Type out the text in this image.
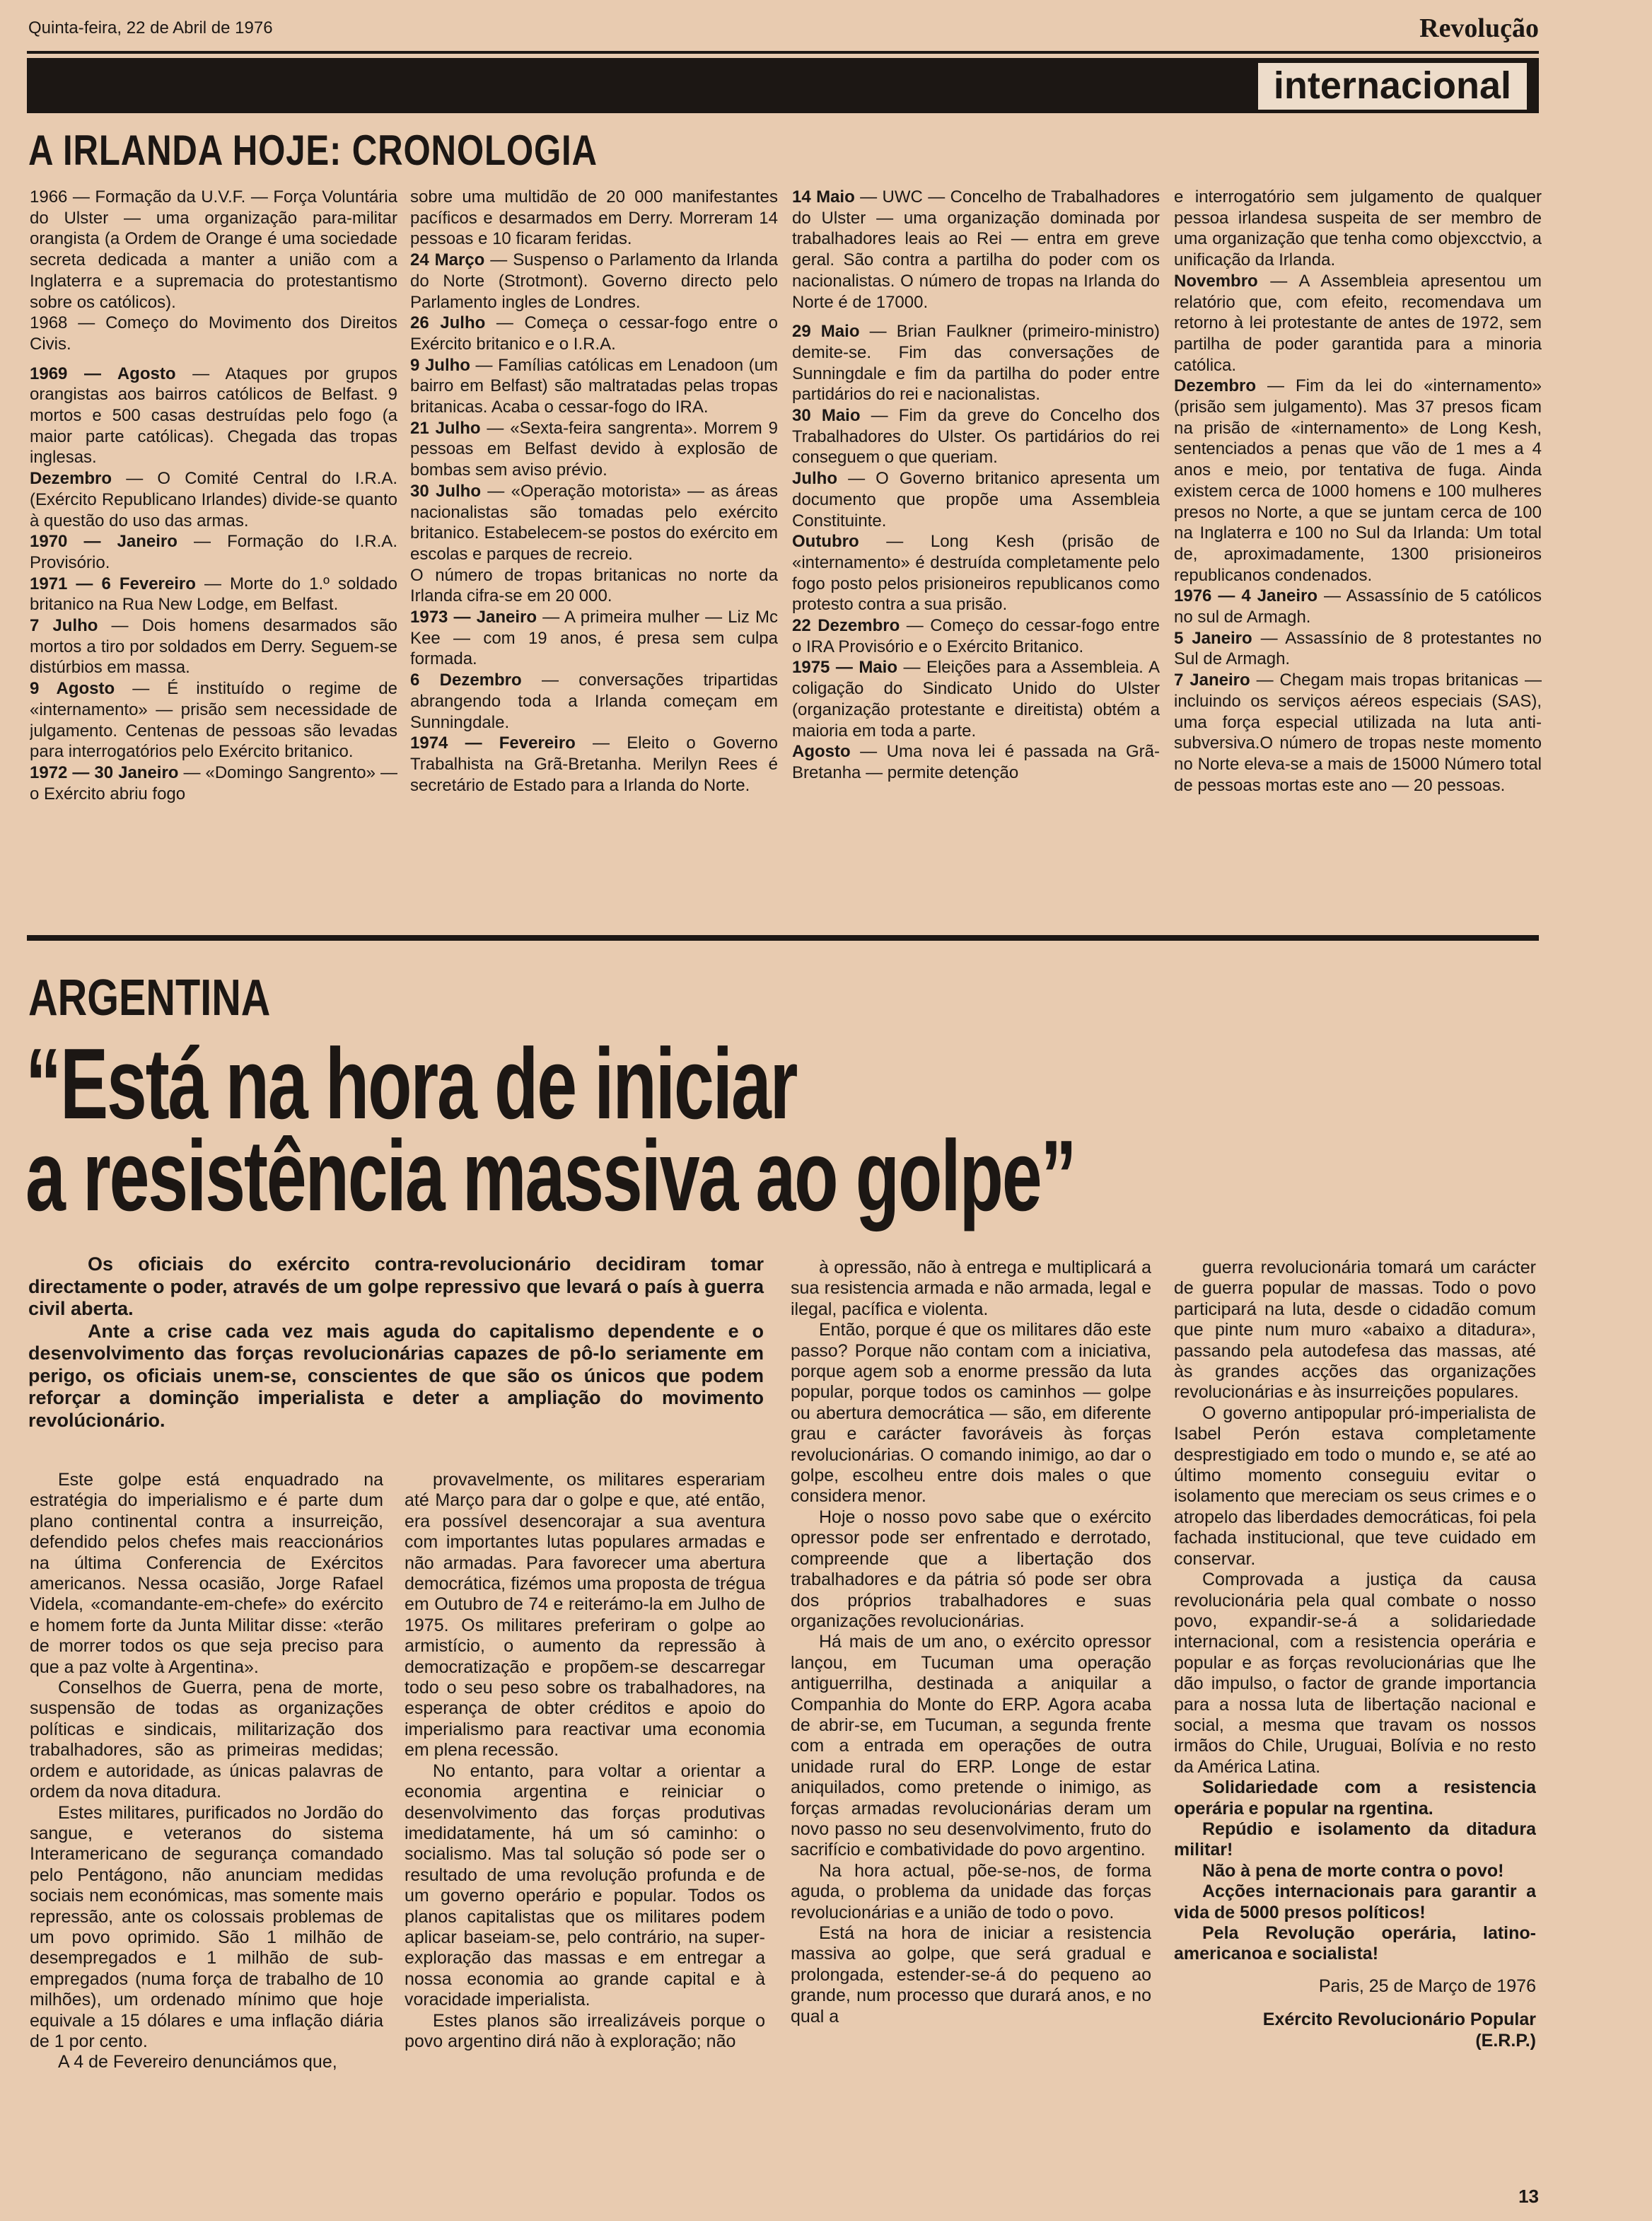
Quinta-feira, 22 de Abril de 1976	Revolução
internacional
A IRLANDA HOJE: CRONOLOGIA
1966 — Formação da U.V.F. — Força Voluntária do Ulster — uma organização para-militar orangista (a Ordem de Orange é uma sociedade secreta dedicada a manter a união com a Inglaterra e a supremacia do protestantismo sobre os católicos).
1968 — Começo do Movimento dos Direitos Civis.
1969 — Agosto — Ataques por grupos orangistas aos bairros católicos de Belfast. 9 mortos e 500 casas destruídas pelo fogo (a maior parte católicas). Chegada das tropas inglesas.
Dezembro — O Comité Central do I.R.A. (Exército Republicano Irlandes) divide-se quanto à questão do uso das armas.
1970 — Janeiro — Formação do I.R.A. Provisório.
1971 — 6 Fevereiro — Morte do 1.º soldado britanico na Rua New Lodge, em Belfast.
7 Julho — Dois homens desarmados são mortos a tiro por soldados em Derry. Seguem-se distúrbios em massa.
9 Agosto — É instituído o regime de «internamento» — prisão sem necessidade de julgamento. Centenas de pessoas são levadas para interrogatórios pelo Exército britanico.
1972 — 30 Janeiro — «Domingo Sangrento» — o Exército abriu fogo
sobre uma multidão de 20 000 manifestantes pacíficos e desarmados em Derry. Morreram 14 pessoas e 10 ficaram feridas.
24 Março — Suspenso o Parlamento da Irlanda do Norte (Strotmont). Governo directo pelo Parlamento ingles de Londres.
26 Julho — Começa o cessar-fogo entre o Exército britanico e o I.R.A.
9 Julho — Famílias católicas em Lenadoon (um bairro em Belfast) são maltratadas pelas tropas britanicas. Acaba o cessar-fogo do IRA.
21 Julho — «Sexta-feira sangrenta». Morrem 9 pessoas em Belfast devido à explosão de bombas sem aviso prévio.
30 Julho — «Operação motorista» — as áreas nacionalistas são tomadas pelo exército britanico. Estabelecem-se postos do exército em escolas e parques de recreio.
O número de tropas britanicas no norte da Irlanda cifra-se em 20 000.
1973 — Janeiro — A primeira mulher — Liz Mc Kee — com 19 anos, é presa sem culpa formada.
6 Dezembro — conversações tripartidas abrangendo toda a Irlanda começam em Sunningdale.
1974 — Fevereiro — Eleito o Governo Trabalhista na Grã-Bretanha. Merilyn Rees é secretário de Estado para a Irlanda do Norte.
14 Maio — UWC — Concelho de Trabalhadores do Ulster — uma organização dominada por trabalhadores leais ao Rei — entra em greve geral. São contra a partilha do poder com os nacionalistas. O número de tropas na Irlanda do Norte é de 17000.
29 Maio — Brian Faulkner (primeiro-ministro) demite-se. Fim das conversações de Sunningdale e fim da partilha do poder entre partidários do rei e nacionalistas.
30 Maio — Fim da greve do Concelho dos Trabalhadores do Ulster. Os partidários do rei conseguem o que queriam.
Julho — O Governo britanico apresenta um documento que propõe uma Assembleia Constituinte.
Outubro — Long Kesh (prisão de «internamento» é destruída completamente pelo fogo posto pelos prisioneiros republicanos como protesto contra a sua prisão.
22 Dezembro — Começo do cessar-fogo entre o IRA Provisório e o Exército Britanico.
1975 — Maio — Eleições para a Assembleia. A coligação do Sindicato Unido do Ulster (organização protestante e direitista) obtém a maioria em toda a parte.
Agosto — Uma nova lei é passada na Grã-Bretanha — permite detenção
e interrogatório sem julgamento de qualquer pessoa irlandesa suspeita de ser membro de uma organização que tenha como objexcctvio, a unificação da Irlanda.
Novembro — A Assembleia apresentou um relatório que, com efeito, recomendava um retorno à lei protestante de antes de 1972, sem partilha de poder garantida para a minoria católica.
Dezembro — Fim da lei do «internamento» (prisão sem julgamento). Mas 37 presos ficam na prisão de «internamento» de Long Kesh, sentenciados a penas que vão de 1 mes a 4 anos e meio, por tentativa de fuga. Ainda existem cerca de 1000 homens e 100 mulheres presos no Norte, a que se juntam cerca de 100 na Inglaterra e 100 no Sul da Irlanda: Um total de, aproximadamente, 1300 prisioneiros republicanos condenados.
1976 — 4 Janeiro — Assassínio de 5 católicos no sul de Armagh.
5 Janeiro — Assassínio de 8 protestantes no Sul de Armagh.
7 Janeiro — Chegam mais tropas britanicas — incluindo os serviços aéreos especiais (SAS), uma força especial utilizada na luta anti-subversiva.O número de tropas neste momento no Norte eleva-se a mais de 15000 Número total de pessoas mortas este ano — 20 pessoas.
ARGENTINA
“Está na hora de iniciar
a resistência massiva ao golpe”

Os oficiais do exército contra-revolucionário decidiram tomar directamente o poder, através de um golpe repressivo que levará o país à guerra civil aberta.

Ante a crise cada vez mais aguda do capitalismo dependente e o desenvolvimento das forças revolucionárias capazes de pô-lo seriamente em perigo, os oficiais unem-se, conscientes de que são os únicos que podem reforçar a dominção imperialista e deter a ampliação do movimento revolúcionário.

Este golpe está enquadrado na estratégia do imperialismo e é parte dum plano continental contra a insurreição, defendido pelos chefes mais reaccionários na última Conferencia de Exércitos americanos. Nessa ocasião, Jorge Rafael Videla, «comandante-em-chefe» do exército e homem forte da Junta Militar disse: «terão de morrer todos os que seja preciso para que a paz volte à Argentina».

Conselhos de Guerra, pena de morte, suspensão de todas as organizações políticas e sindicais, militarização dos trabalhadores, são as primeiras medidas; ordem e autoridade, as únicas palavras de ordem da nova ditadura.

Estes militares, purificados no Jordão do sangue, e veteranos do sistema Interamericano de segurança comandado pelo Pentágono, não anunciam medidas sociais nem económicas, mas somente mais repressão, ante os colossais problemas de um povo oprimido. São 1 milhão de desempregados e 1 milhão de sub-empregados (numa força de trabalho de 10 milhões), um ordenado mínimo que hoje equivale a 15 dólares e uma inflação diária de 1 por cento.

A 4 de Fevereiro denunciámos que,

provavelmente, os militares esperariam até Março para dar o golpe e que, até então, era possível desencorajar a sua aventura com importantes lutas populares armadas e não armadas. Para favorecer uma abertura democrática, fizémos uma proposta de trégua em Outubro de 74 e reiterámo-la em Julho de 1975. Os militares preferiram o golpe ao armistício, o aumento da repressão à democratização e propõem-se descarregar todo o seu peso sobre os trabalhadores, na esperança de obter créditos e apoio do imperialismo para reactivar uma economia em plena recessão.

No entanto, para voltar a orientar a economia argentina e reiniciar o desenvolvimento das forças produtivas imedidatamente, há um só caminho: o socialismo. Mas tal solução só pode ser o resultado de uma revolução profunda e de um governo operário e popular. Todos os planos capitalistas que os militares podem aplicar baseiam-se, pelo contrário, na super-exploração das massas e em entregar a nossa economia ao grande capital e à voracidade imperialista.

Estes planos são irrealizáveis porque o povo argentino dirá não à exploração; não

à opressão, não à entrega e multiplicará a sua resistencia armada e não armada, legal e ilegal, pacífica e violenta.

Então, porque é que os militares dão este passo? Porque não contam com a iniciativa, porque agem sob a enorme pressão da luta popular, porque todos os caminhos — golpe ou abertura democrática — são, em diferente grau e carácter favoráveis às forças revolucionárias. O comando inimigo, ao dar o golpe, escolheu entre dois males o que considera menor.

Hoje o nosso povo sabe que o exército opressor pode ser enfrentado e derrotado, compreende que a libertação dos trabalhadores e da pátria só pode ser obra dos próprios trabalhadores e suas organizações revolucionárias.

Há mais de um ano, o exército opressor lançou, em Tucuman uma operação antiguerrilha, destinada a aniquilar a Companhia do Monte do ERP. Agora acaba de abrir-se, em Tucuman, a segunda frente com a entrada em operações de outra unidade rural do ERP. Longe de estar aniquilados, como pretende o inimigo, as forças armadas revolucionárias deram um novo passo no seu desenvolvimento, fruto do sacrifício e combatividade do povo argentino.

Na hora actual, põe-se-nos, de forma aguda, o problema da unidade das forças revolucionárias e a união de todo o povo.

Está na hora de iniciar a resistencia massiva ao golpe, que será gradual e prolongada, estender-se-á do pequeno ao grande, num processo que durará anos, e no qual a

guerra revolucionária tomará um carácter de guerra popular de massas. Todo o povo participará na luta, desde o cidadão comum que pinte num muro «abaixo a ditadura», passando pela autodefesa das massas, até às grandes acções das organizações revolucionárias e às insurreições populares.

O governo antipopular pró-imperialista de Isabel Perón estava completamente desprestigiado em todo o mundo e, se até ao último momento conseguiu evitar o isolamento que mereciam os seus crimes e o atropelo das liberdades democráticas, foi pela fachada institucional, que teve cuidado em conservar.

Comprovada a justiça da causa revolucionária pela qual combate o nosso povo, expandir-se-á a solidariedade internacional, com a resistencia operária e popular e as forças revolucionárias que lhe dão impulso, o factor de grande importancia para a nossa luta de libertação nacional e social, a mesma que travam os nossos irmãos do Chile, Uruguai, Bolívia e no resto da América Latina.

Solidariedade com a resistencia operária e popular na rgentina.

Repúdio e isolamento da ditadura militar!

Não à pena de morte contra o povo!

Acções internacionais para garantir a vida de 5000 presos políticos!

Pela Revolução operária, latino-americanoa e socialista!

Paris, 25 de Março de 1976

Exército Revolucionário Popular

(E.R.P.)

13
